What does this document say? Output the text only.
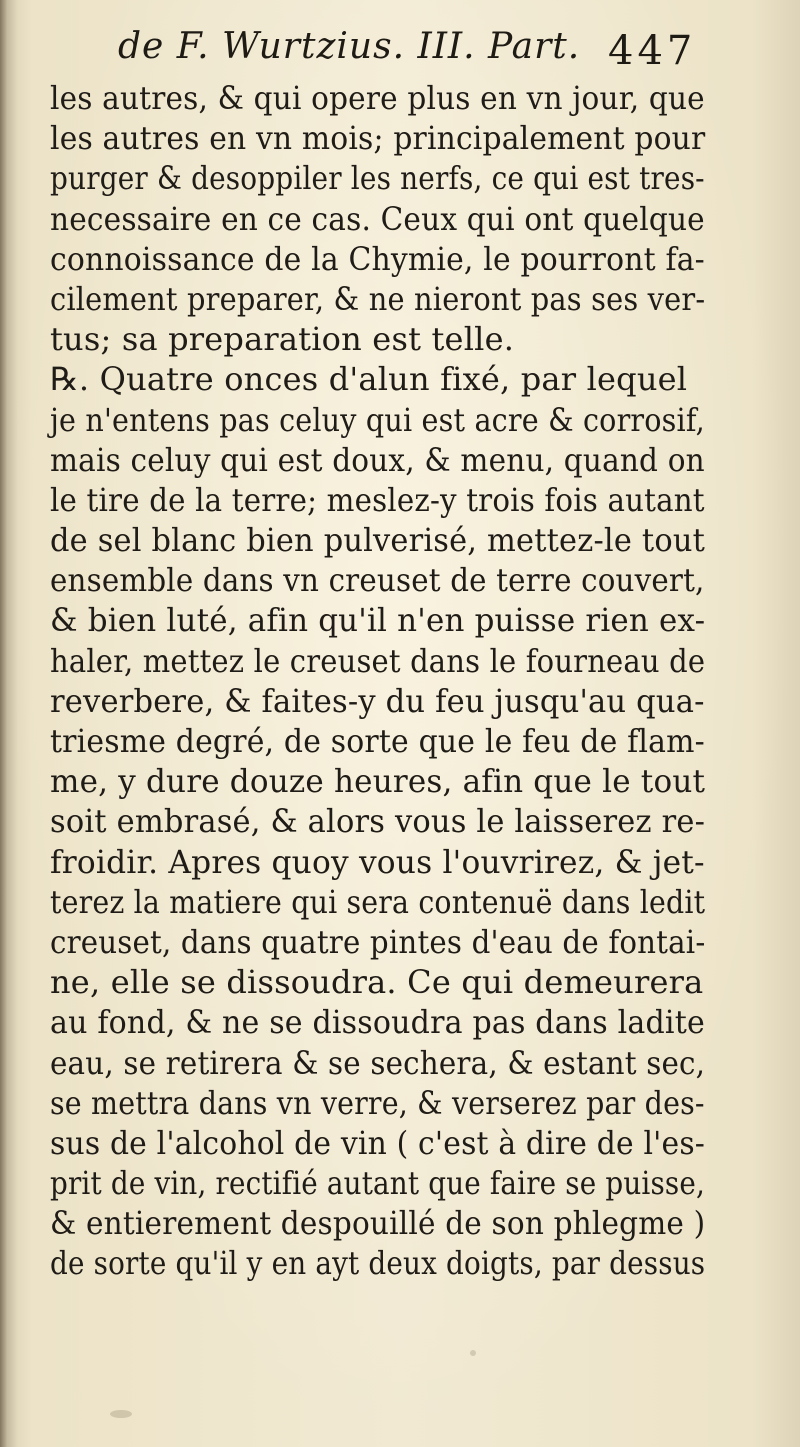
de F. Wurtzius. III. Part. 447
les autres, & qui opere plus en vn jour, que
les autres en vn mois; principalement pour
purger & desoppiler les nerfs, ce qui est tres-
necessaire en ce cas. Ceux qui ont quelque
connoissance de la Chymie, le pourront fa-
cilement preparer, & ne nieront pas ses ver-
tus; sa preparation est telle.
℞. Quatre onces d'alun fixé, par lequel
je n'entens pas celuy qui est acre & corrosif,
mais celuy qui est doux, & menu, quand on
le tire de la terre; meslez-y trois fois autant
de sel blanc bien pulverisé, mettez-le tout
ensemble dans vn creuset de terre couvert,
& bien luté, afin qu'il n'en puisse rien ex-
haler, mettez le creuset dans le fourneau de
reverbere, & faites-y du feu jusqu'au qua-
triesme degré, de sorte que le feu de flam-
me, y dure douze heures, afin que le tout
soit embrasé, & alors vous le laisserez re-
froidir. Apres quoy vous l'ouvrirez, & jet-
terez la matiere qui sera contenuë dans ledit
creuset, dans quatre pintes d'eau de fontai-
ne, elle se dissoudra. Ce qui demeurera
au fond, & ne se dissoudra pas dans ladite
eau, se retirera & se sechera, & estant sec,
se mettra dans vn verre, & verserez par des-
sus de l'alcohol de vin ( c'est à dire de l'es-
prit de vin, rectifié autant que faire se puisse,
& entierement despouillé de son phlegme )
de sorte qu'il y en ayt deux doigts, par dessus
